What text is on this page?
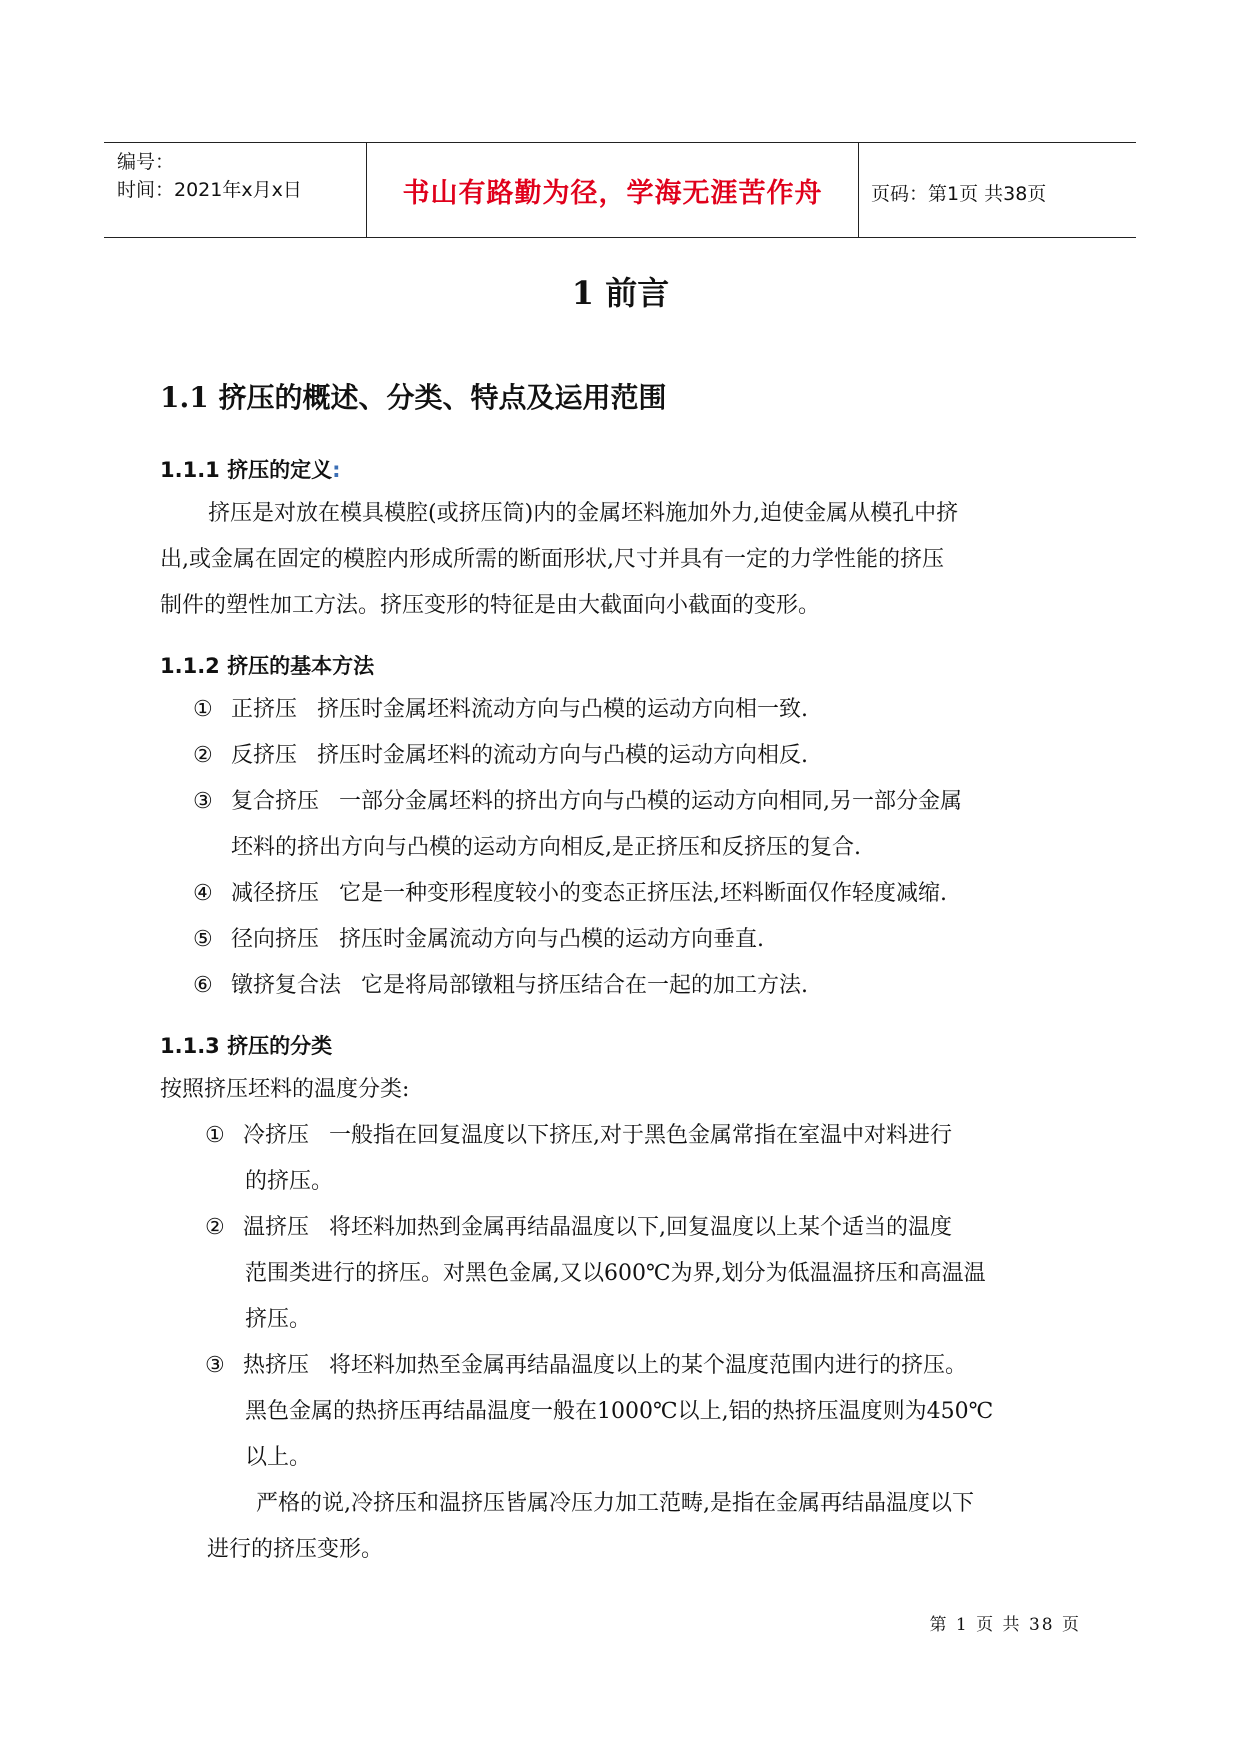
编号：
时间：2021年x月x日	书山有路勤为径，学海无涯苦作舟	页码：第1页 共38页
1 前言
1.1 挤压的概述、分类、特点及运用范围
1.1.1 挤压的定义:
挤压是对放在模具模腔(或挤压筒)内的金属坯料施加外力,迫使金属从模孔中挤
出,或金属在固定的模腔内形成所需的断面形状,尺寸并具有一定的力学性能的挤压
制件的塑性加工方法。挤压变形的特征是由大截面向小截面的变形。
1.1.2 挤压的基本方法
① 正挤压 挤压时金属坯料流动方向与凸模的运动方向相一致.
② 反挤压 挤压时金属坯料的流动方向与凸模的运动方向相反.
③ 复合挤压 一部分金属坯料的挤出方向与凸模的运动方向相同,另一部分金属
坯料的挤出方向与凸模的运动方向相反,是正挤压和反挤压的复合.
④ 减径挤压 它是一种变形程度较小的变态正挤压法,坯料断面仅作轻度减缩.
⑤ 径向挤压 挤压时金属流动方向与凸模的运动方向垂直.
⑥ 镦挤复合法 它是将局部镦粗与挤压结合在一起的加工方法.
1.1.3 挤压的分类
按照挤压坯料的温度分类:
① 冷挤压 一般指在回复温度以下挤压,对于黑色金属常指在室温中对料进行
的挤压。
② 温挤压 将坯料加热到金属再结晶温度以下,回复温度以上某个适当的温度
范围类进行的挤压。对黑色金属,又以600℃为界,划分为低温温挤压和高温温
挤压。
③ 热挤压 将坯料加热至金属再结晶温度以上的某个温度范围内进行的挤压。
黑色金属的热挤压再结晶温度一般在1000℃以上,铝的热挤压温度则为450℃
以上。
严格的说,冷挤压和温挤压皆属冷压力加工范畴,是指在金属再结晶温度以下
进行的挤压变形。
第 1 页 共 38 页
